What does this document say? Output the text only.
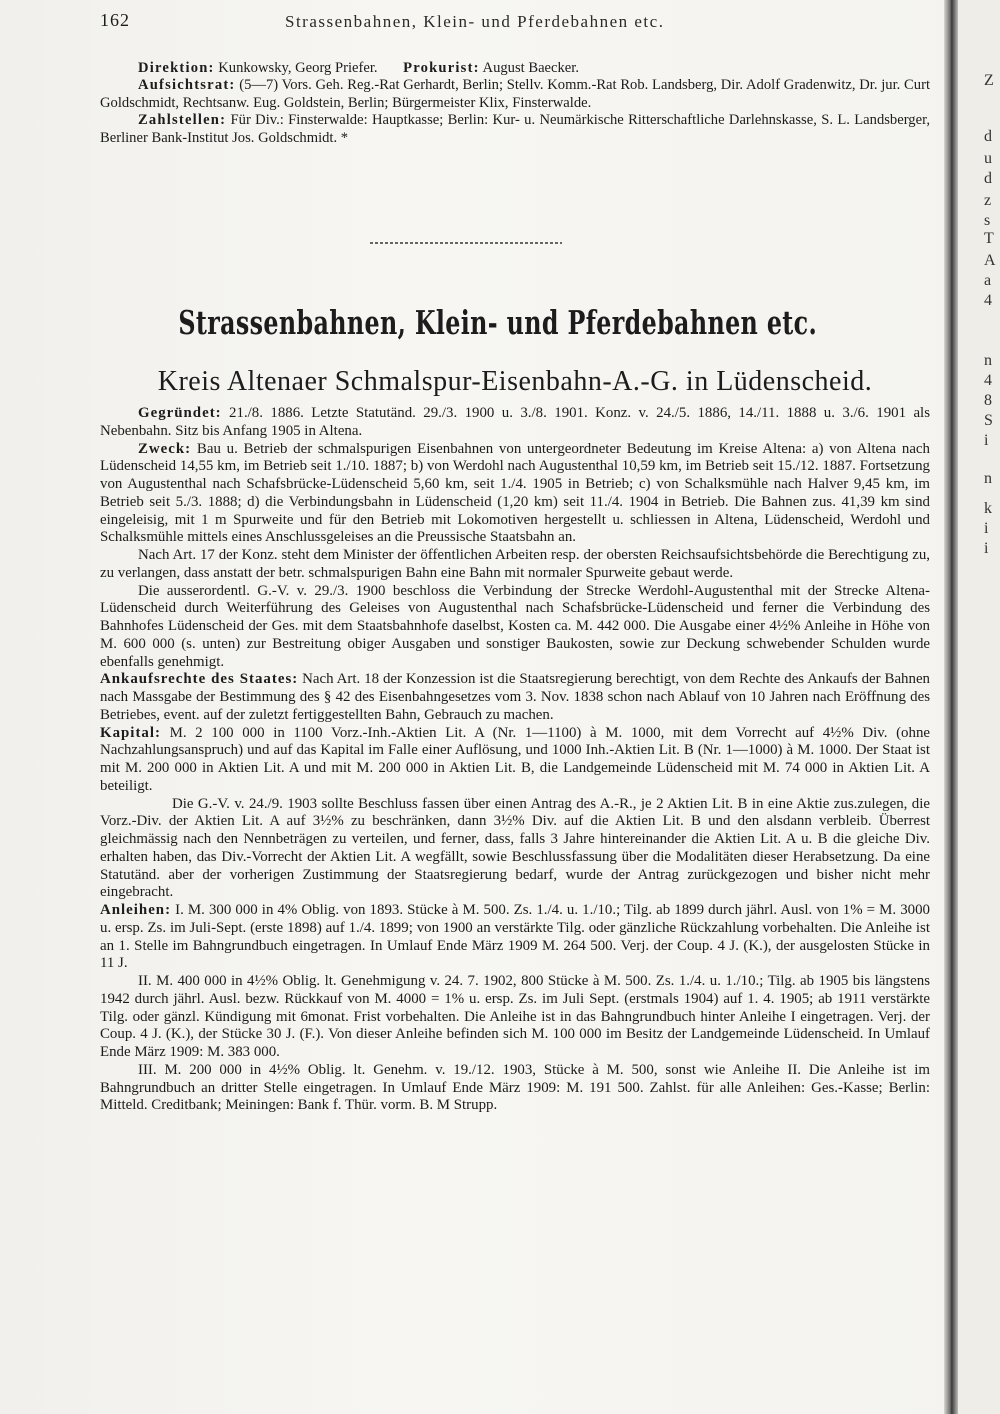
Z
d
u
d
z
s
T
A
a
4
n
4
8
S
i
n
k
i
i
162	Strassenbahnen, Klein- und Pferdebahnen etc.

Direktion: Kunkowsky, Georg Priefer. Prokurist: August Baecker.

Aufsichtsrat: (5—7) Vors. Geh. Reg.-Rat Gerhardt, Berlin; Stellv. Komm.-Rat Rob. Landsberg, Dir. Adolf Gradenwitz, Dr. jur. Curt Goldschmidt, Rechtsanw. Eug. Goldstein, Berlin; Bürgermeister Klix, Finsterwalde.

Zahlstellen: Für Div.: Finsterwalde: Hauptkasse; Berlin: Kur- u. Neumärkische Ritterschaftliche Darlehnskasse, S. L. Landsberger, Berliner Bank-Institut Jos. Goldschmidt. *

Strassenbahnen, Klein- und Pferdebahnen etc.
Kreis Altenaer Schmalspur-Eisenbahn-A.-G. in Lüdenscheid.

Gegründet: 21./8. 1886. Letzte Statutänd. 29./3. 1900 u. 3./8. 1901. Konz. v. 24./5. 1886, 14./11. 1888 u. 3./6. 1901 als Nebenbahn. Sitz bis Anfang 1905 in Altena.

Zweck: Bau u. Betrieb der schmalspurigen Eisenbahnen von untergeordneter Bedeutung im Kreise Altena: a) von Altena nach Lüdenscheid 14,55 km, im Betrieb seit 1./10. 1887; b) von Werdohl nach Augustenthal 10,59 km, im Betrieb seit 15./12. 1887. Fortsetzung von Augustenthal nach Schafsbrücke-Lüdenscheid 5,60 km, seit 1./4. 1905 in Betrieb; c) von Schalksmühle nach Halver 9,45 km, im Betrieb seit 5./3. 1888; d) die Verbindungsbahn in Lüdenscheid (1,20 km) seit 11./4. 1904 in Betrieb. Die Bahnen zus. 41,39 km sind eingeleisig, mit 1 m Spurweite und für den Betrieb mit Lokomotiven hergestellt u. schliessen in Altena, Lüdenscheid, Werdohl und Schalksmühle mittels eines Anschlussgeleises an die Preussische Staatsbahn an.

Nach Art. 17 der Konz. steht dem Minister der öffentlichen Arbeiten resp. der obersten Reichsaufsichtsbehörde die Berechtigung zu, zu verlangen, dass anstatt der betr. schmalspurigen Bahn eine Bahn mit normaler Spurweite gebaut werde.

Die ausserordentl. G.-V. v. 29./3. 1900 beschloss die Verbindung der Strecke Werdohl-Augustenthal mit der Strecke Altena-Lüdenscheid durch Weiterführung des Geleises von Augustenthal nach Schafsbrücke-Lüdenscheid und ferner die Verbindung des Bahnhofes Lüdenscheid der Ges. mit dem Staatsbahnhofe daselbst, Kosten ca. M. 442 000. Die Ausgabe einer 4½% Anleihe in Höhe von M. 600 000 (s. unten) zur Bestreitung obiger Ausgaben und sonstiger Baukosten, sowie zur Deckung schwebender Schulden wurde ebenfalls genehmigt.

Ankaufsrechte des Staates: Nach Art. 18 der Konzession ist die Staatsregierung berechtigt, von dem Rechte des Ankaufs der Bahnen nach Massgabe der Bestimmung des § 42 des Eisenbahngesetzes vom 3. Nov. 1838 schon nach Ablauf von 10 Jahren nach Eröffnung des Betriebes, event. auf der zuletzt fertiggestellten Bahn, Gebrauch zu machen.

Kapital: M. 2 100 000 in 1100 Vorz.-Inh.-Aktien Lit. A (Nr. 1—1100) à M. 1000, mit dem Vorrecht auf 4½% Div. (ohne Nachzahlungsanspruch) und auf das Kapital im Falle einer Auflösung, und 1000 Inh.-Aktien Lit. B (Nr. 1—1000) à M. 1000. Der Staat ist mit M. 200 000 in Aktien Lit. A und mit M. 200 000 in Aktien Lit. B, die Landgemeinde Lüdenscheid mit M. 74 000 in Aktien Lit. A beteiligt.

Die G.-V. v. 24./9. 1903 sollte Beschluss fassen über einen Antrag des A.-R., je 2 Aktien Lit. B in eine Aktie zus.zulegen, die Vorz.-Div. der Aktien Lit. A auf 3½% zu beschränken, dann 3½% Div. auf die Aktien Lit. B und den alsdann verbleib. Überrest gleichmässig nach den Nennbeträgen zu verteilen, und ferner, dass, falls 3 Jahre hintereinander die Aktien Lit. A u. B die gleiche Div. erhalten haben, das Div.-Vorrecht der Aktien Lit. A wegfällt, sowie Beschlussfassung über die Modalitäten dieser Herabsetzung. Da eine Statutänd. aber der vorherigen Zustimmung der Staatsregierung bedarf, wurde der Antrag zurückgezogen und bisher nicht mehr eingebracht.

Anleihen: I. M. 300 000 in 4% Oblig. von 1893. Stücke à M. 500. Zs. 1./4. u. 1./10.; Tilg. ab 1899 durch jährl. Ausl. von 1% = M. 3000 u. ersp. Zs. im Juli-Sept. (erste 1898) auf 1./4. 1899; von 1900 an verstärkte Tilg. oder gänzliche Rückzahlung vorbehalten. Die Anleihe ist an 1. Stelle im Bahngrundbuch eingetragen. In Umlauf Ende März 1909 M. 264 500. Verj. der Coup. 4 J. (K.), der ausgelosten Stücke in 11 J.

II. M. 400 000 in 4½% Oblig. lt. Genehmigung v. 24. 7. 1902, 800 Stücke à M. 500. Zs. 1./4. u. 1./10.; Tilg. ab 1905 bis längstens 1942 durch jährl. Ausl. bezw. Rückkauf von M. 4000 = 1% u. ersp. Zs. im Juli Sept. (erstmals 1904) auf 1. 4. 1905; ab 1911 verstärkte Tilg. oder gänzl. Kündigung mit 6monat. Frist vorbehalten. Die Anleihe ist in das Bahngrundbuch hinter Anleihe I eingetragen. Verj. der Coup. 4 J. (K.), der Stücke 30 J. (F.). Von dieser Anleihe befinden sich M. 100 000 im Besitz der Landgemeinde Lüdenscheid. In Umlauf Ende März 1909: M. 383 000.

III. M. 200 000 in 4½% Oblig. lt. Genehm. v. 19./12. 1903, Stücke à M. 500, sonst wie Anleihe II. Die Anleihe ist im Bahngrundbuch an dritter Stelle eingetragen. In Umlauf Ende März 1909: M. 191 500. Zahlst. für alle Anleihen: Ges.-Kasse; Berlin: Mitteld. Creditbank; Meiningen: Bank f. Thür. vorm. B. M Strupp.
